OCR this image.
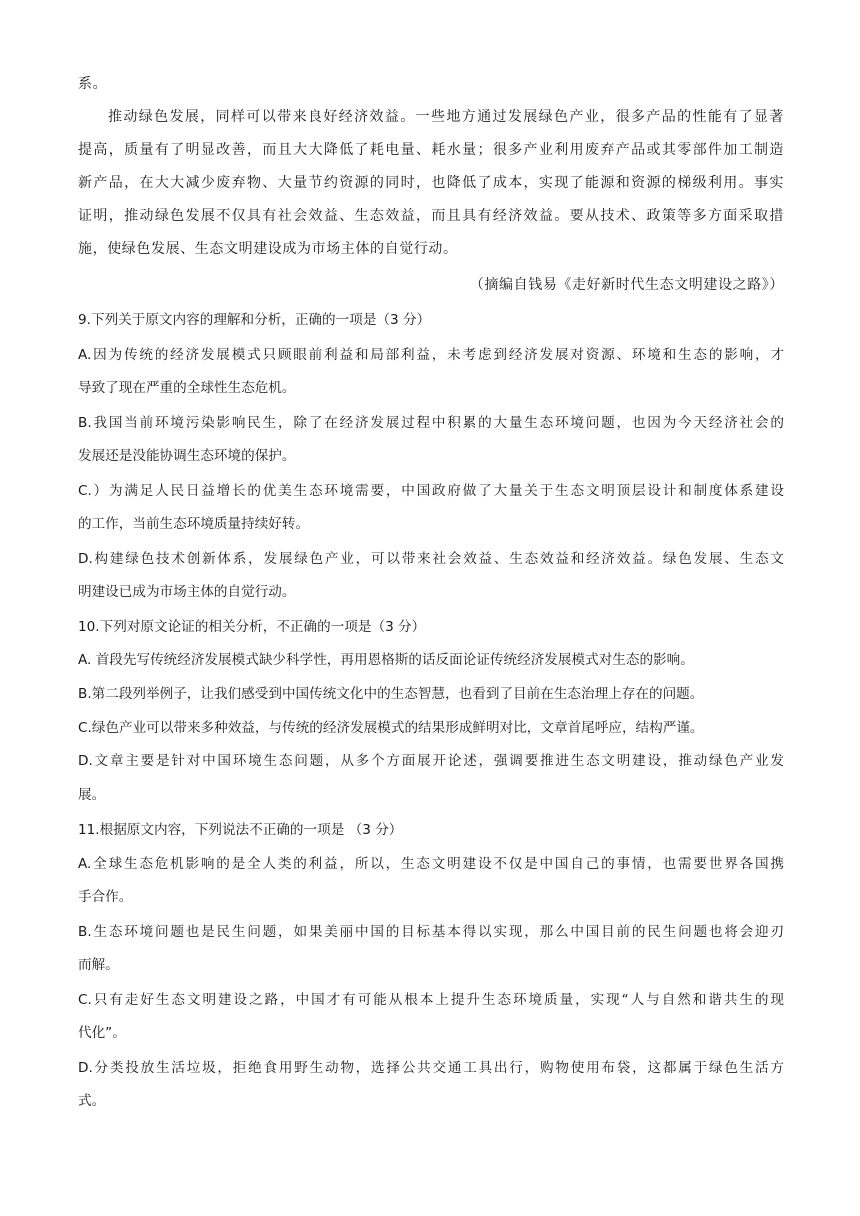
系。
推动绿色发展，同样可以带来良好经济效益。一些地方通过发展绿色产业，很多产品的性能有了显著
提高，质量有了明显改善，而且大大降低了耗电量、耗水量；很多产业利用废弃产品或其零部件加工制造
新产品，在大大减少废弃物、大量节约资源的同时，也降低了成本，实现了能源和资源的梯级利用。事实
证明，推动绿色发展不仅具有社会效益、生态效益，而且具有经济效益。要从技术、政策等多方面采取措
施，使绿色发展、生态文明建设成为市场主体的自觉行动。
（摘编自钱易《走好新时代生态文明建设之路》）
9.下列关于原文内容的理解和分析，正确的一项是（3 分）
A.因为传统的经济发展模式只顾眼前利益和局部利益，未考虑到经济发展对资源、环境和生态的影响，才
导致了现在严重的全球性生态危机。
B.我国当前环境污染影响民生，除了在经济发展过程中积累的大量生态环境问题，也因为今天经济社会的
发展还是没能协调生态环境的保护。
C.）为满足人民日益增长的优美生态环境需要，中国政府做了大量关于生态文明顶层设计和制度体系建设
的工作，当前生态环境质量持续好转。
D.构建绿色技术创新体系，发展绿色产业，可以带来社会效益、生态效益和经济效益。绿色发展、生态文
明建设已成为市场主体的自觉行动。
10.下列对原文论证的相关分析，不正确的一项是（3 分）
A. 首段先写传统经济发展模式缺少科学性，再用恩格斯的话反面论证传统经济发展模式对生态的影响。
B.第二段列举例子，让我们感受到中国传统文化中的生态智慧，也看到了目前在生态治理上存在的问题。
C.绿色产业可以带来多种效益，与传统的经济发展模式的结果形成鲜明对比，文章首尾呼应，结构严谨。
D.文章主要是针对中国环境生态问题，从多个方面展开论述，强调要推进生态文明建设，推动绿色产业发
展。
11.根据原文内容，下列说法不正确的一项是 （3 分）
A.全球生态危机影响的是全人类的利益，所以，生态文明建设不仅是中国自己的事情，也需要世界各国携
手合作。
B.生态环境问题也是民生问题，如果美丽中国的目标基本得以实现，那么中国目前的民生问题也将会迎刃
而解。
C.只有走好生态文明建设之路，中国才有可能从根本上提升生态环境质量，实现“人与自然和谐共生的现
代化”。
D.分类投放生活垃圾，拒绝食用野生动物，选择公共交通工具出行，购物使用布袋，这都属于绿色生活方
式。
